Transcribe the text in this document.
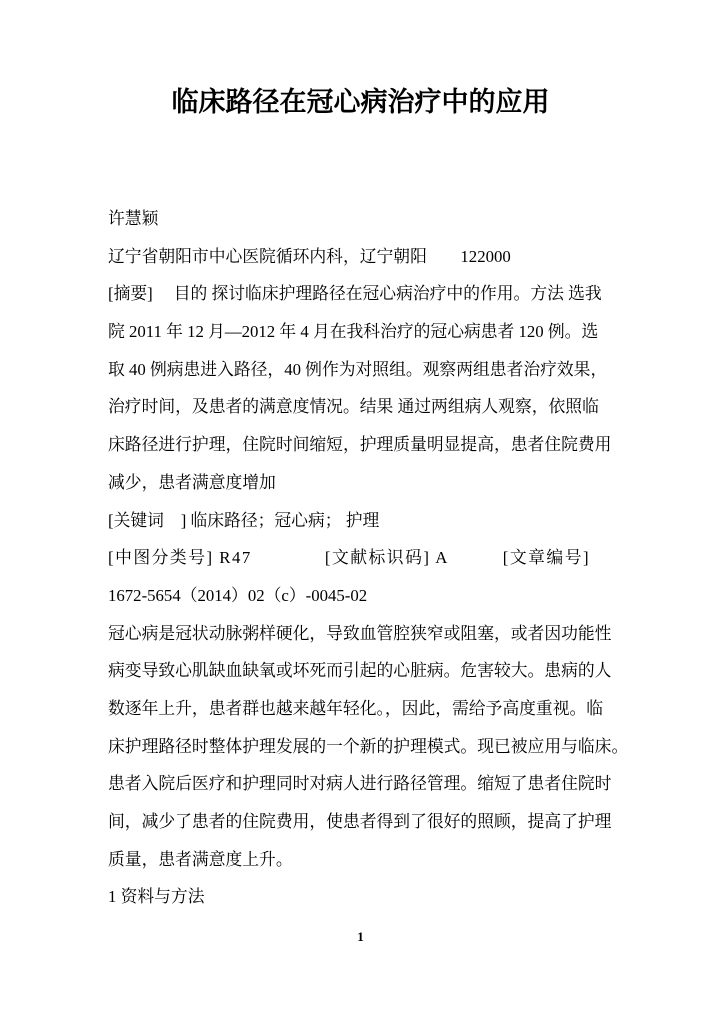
临床路径在冠心病治疗中的应用
许慧颖
辽宁省朝阳市中心医院循环内科，辽宁朝阳　　122000
[摘要]　 目的 探讨临床护理路径在冠心病治疗中的作用。方法 选我
院 2011 年 12 月—2012 年 4 月在我科治疗的冠心病患者 120 例。选
取 40 例病患进入路径，40 例作为对照组。观察两组患者治疗效果，
治疗时间，及患者的满意度情况。结果 通过两组病人观察，依照临
床路径进行护理，住院时间缩短，护理质量明显提高，患者住院费用
减少，患者满意度增加
[关键词　] 临床路径；冠心病； 护理
[中图分类号] R47　　　　[文献标识码] A　　　[文章编号]
1672-5654（2014）02（c）-0045-02
冠心病是冠状动脉粥样硬化，导致血管腔狭窄或阻塞，或者因功能性
病变导致心肌缺血缺氧或坏死而引起的心脏病。危害较大。患病的人
数逐年上升，患者群也越来越年轻化。，因此，需给予高度重视。临
床护理路径时整体护理发展的一个新的护理模式。现已被应用与临床。
患者入院后医疗和护理同时对病人进行路径管理。缩短了患者住院时
间，减少了患者的住院费用，使患者得到了很好的照顾，提高了护理
质量，患者满意度上升。
1 资料与方法
1
